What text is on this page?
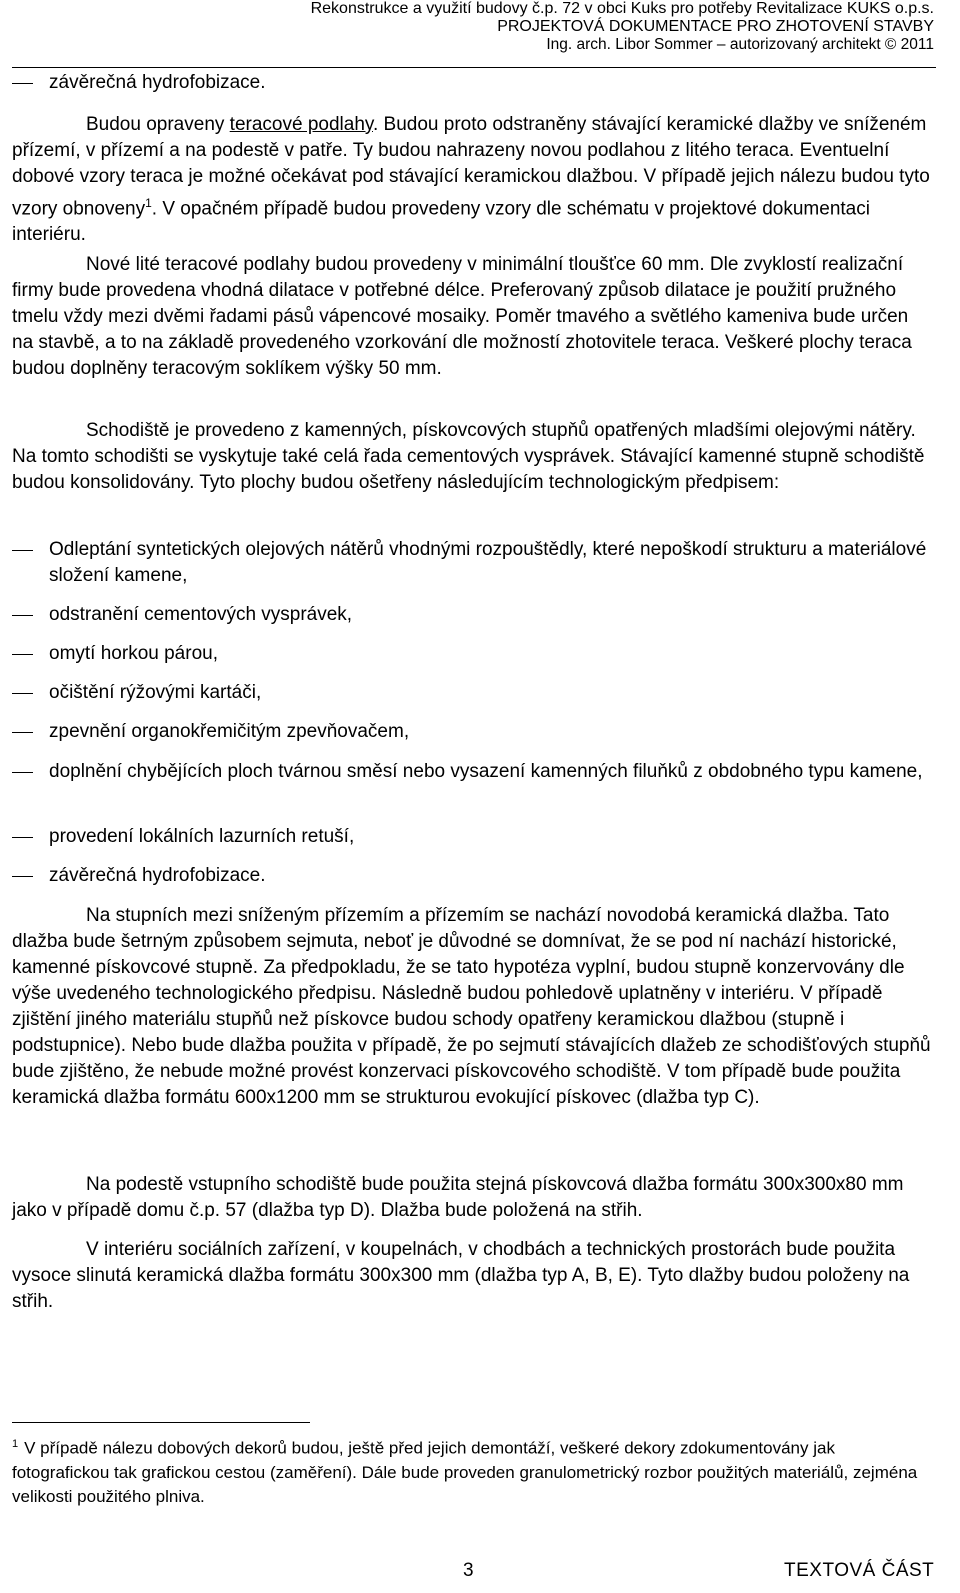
Rekonstrukce a využití budovy č.p. 72 v obci Kuks pro potřeby Revitalizace KUKS o.p.s.
PROJEKTOVÁ DOKUMENTACE PRO ZHOTOVENÍ STAVBY
Ing. arch. Libor Sommer – autorizovaný architekt © 2011
závěrečná hydrofobizace.

Budou opraveny teracové podlahy. Budou proto odstraněny stávající keramické dlažby ve sníženém přízemí, v přízemí a na podestě v patře. Ty budou nahrazeny novou podlahou z litého teraca. Eventuelní dobové vzory teraca je možné očekávat pod stávající keramickou dlažbou. V případě jejich nálezu budou tyto vzory obnoveny$^1$. V opačném případě budou provedeny vzory dle schématu v projektové dokumentaci interiéru.

Nové lité teracové podlahy budou provedeny v minimální tloušťce 60 mm. Dle zvyklostí realizační firmy bude provedena vhodná dilatace v potřebné délce. Preferovaný způsob dilatace je použití pružného tmelu vždy mezi dvěmi řadami pásů vápencové mosaiky. Poměr tmavého a světlého kameniva bude určen na stavbě, a to na základě provedeného vzorkování dle možností zhotovitele teraca. Veškeré plochy teraca budou doplněny teracovým soklíkem výšky 50 mm.

Schodiště je provedeno z kamenných, pískovcových stupňů opatřených mladšími olejovými nátěry. Na tomto schodišti se vyskytuje také celá řada cementových vysprávek. Stávající kamenné stupně schodiště budou konsolidovány. Tyto plochy budou ošetřeny následujícím technologickým předpisem:

Odleptání syntetických olejových nátěrů vhodnými rozpouštědly, které nepoškodí strukturu a materiálové složení kamene,
odstranění cementových vysprávek,
omytí horkou párou,
očištění rýžovými kartáči,
zpevnění organokřemičitým zpevňovačem,
doplnění chybějících ploch tvárnou směsí nebo vysazení kamenných filuňků z obdobného typu kamene,
provedení lokálních lazurních retuší,
závěrečná hydrofobizace.

Na stupních mezi sníženým přízemím a přízemím se nachází novodobá keramická dlažba. Tato dlažba bude šetrným způsobem sejmuta, neboť je důvodné se domnívat, že se pod ní nachází historické, kamenné pískovcové stupně. Za předpokladu, že se tato hypotéza vyplní, budou stupně konzervovány dle výše uvedeného technologického předpisu. Následně budou pohledově uplatněny v interiéru. V případě zjištění jiného materiálu stupňů než pískovce budou schody opatřeny keramickou dlažbou (stupně i podstupnice). Nebo bude dlažba použita v případě, že po sejmutí stávajících dlažeb ze schodišťových stupňů bude zjištěno, že nebude možné provést konzervaci pískovcového schodiště. V tom případě bude použita keramická dlažba formátu 600x1200 mm se strukturou evokující pískovec (dlažba typ C).

Na podestě vstupního schodiště bude použita stejná pískovcová dlažba formátu 300x300x80 mm jako v případě domu č.p. 57 (dlažba typ D). Dlažba bude položená na střih.

V interiéru sociálních zařízení, v koupelnách, v chodbách a technických prostorách bude použita vysoce slinutá keramická dlažba formátu 300x300 mm (dlažba typ A, B, E). Tyto dlažby budou položeny na střih.

$^1$ V případě nálezu dobových dekorů budou, ještě před jejich demontáží, veškeré dekory zdokumentovány jak fotografickou tak grafickou cestou (zaměření). Dále bude proveden granulometrický rozbor použitých materiálů, zejména velikosti použitého plniva.
3	TEXTOVÁ ČÁST
